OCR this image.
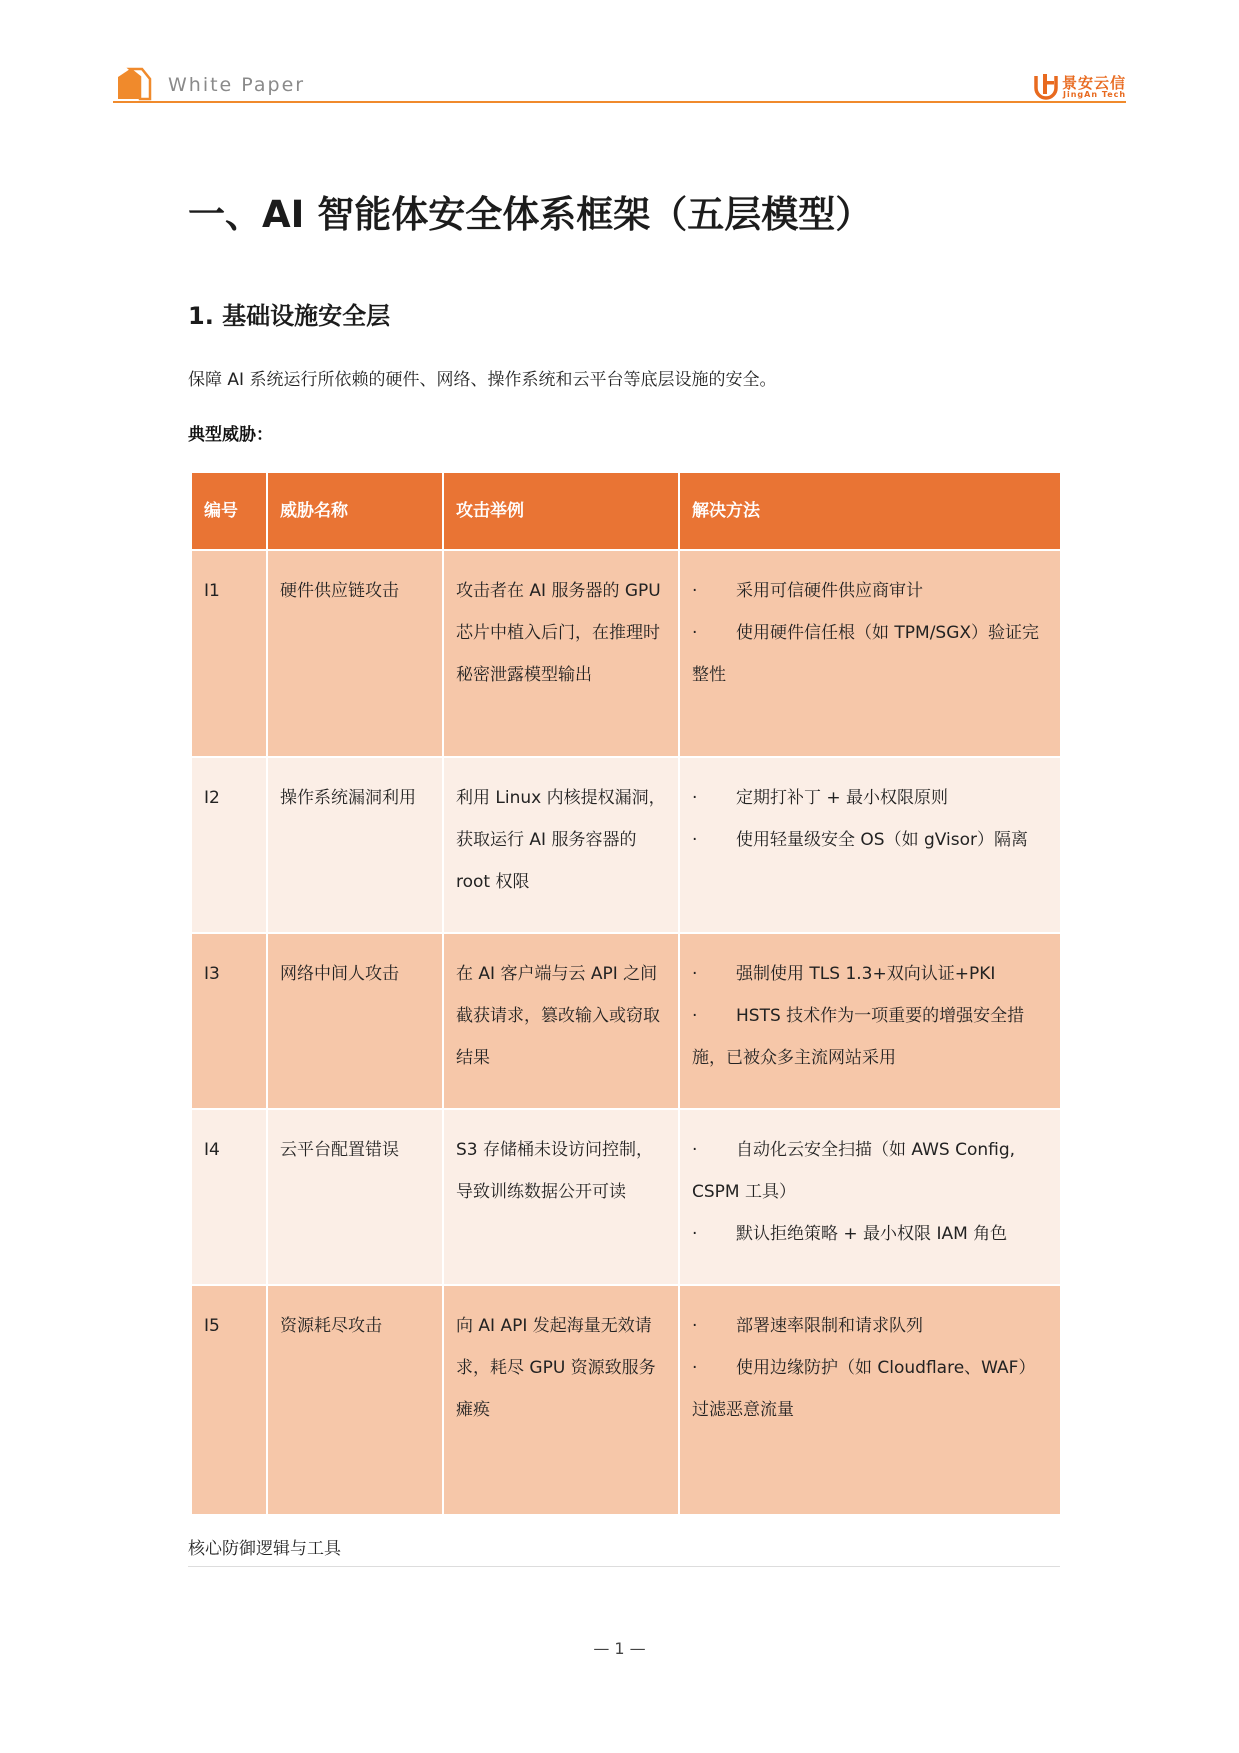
White Paper	景安云信
JingAn Tech
一、AI 智能体安全体系框架（五层模型）
1. 基础设施安全层
保障 AI 系统运行所依赖的硬件、网络、操作系统和云平台等底层设施的安全。
典型威胁：
编号	威胁名称	攻击举例	解决方法
I1	硬件供应链攻击	攻击者在 AI 服务器的 GPU 芯片中植入后门，在推理时秘密泄露模型输出	· 采用可信硬件供应商审计
· 使用硬件信任根（如 TPM/SGX）验证完整性

I2	操作系统漏洞利用	利用 Linux 内核提权漏洞，获取运行 AI 服务容器的 root 权限	· 定期打补丁 + 最小权限原则
· 使用轻量级安全 OS（如 gVisor）隔离

I3	网络中间人攻击	在 AI 客户端与云 API 之间截获请求，篡改输入或窃取结果	· 强制使用 TLS 1.3+双向认证+PKI
· HSTS 技术作为一项重要的增强安全措施，已被众多主流网站采用

I4	云平台配置错误	S3 存储桶未设访问控制，导致训练数据公开可读	· 自动化云安全扫描（如 AWS Config, CSPM 工具）
· 默认拒绝策略 + 最小权限 IAM 角色

I5	资源耗尽攻击	向 AI API 发起海量无效请求，耗尽 GPU 资源致服务瘫痪	· 部署速率限制和请求队列
· 使用边缘防护（如 Cloudflare、WAF）过滤恶意流量
核心防御逻辑与工具
— 1 —
